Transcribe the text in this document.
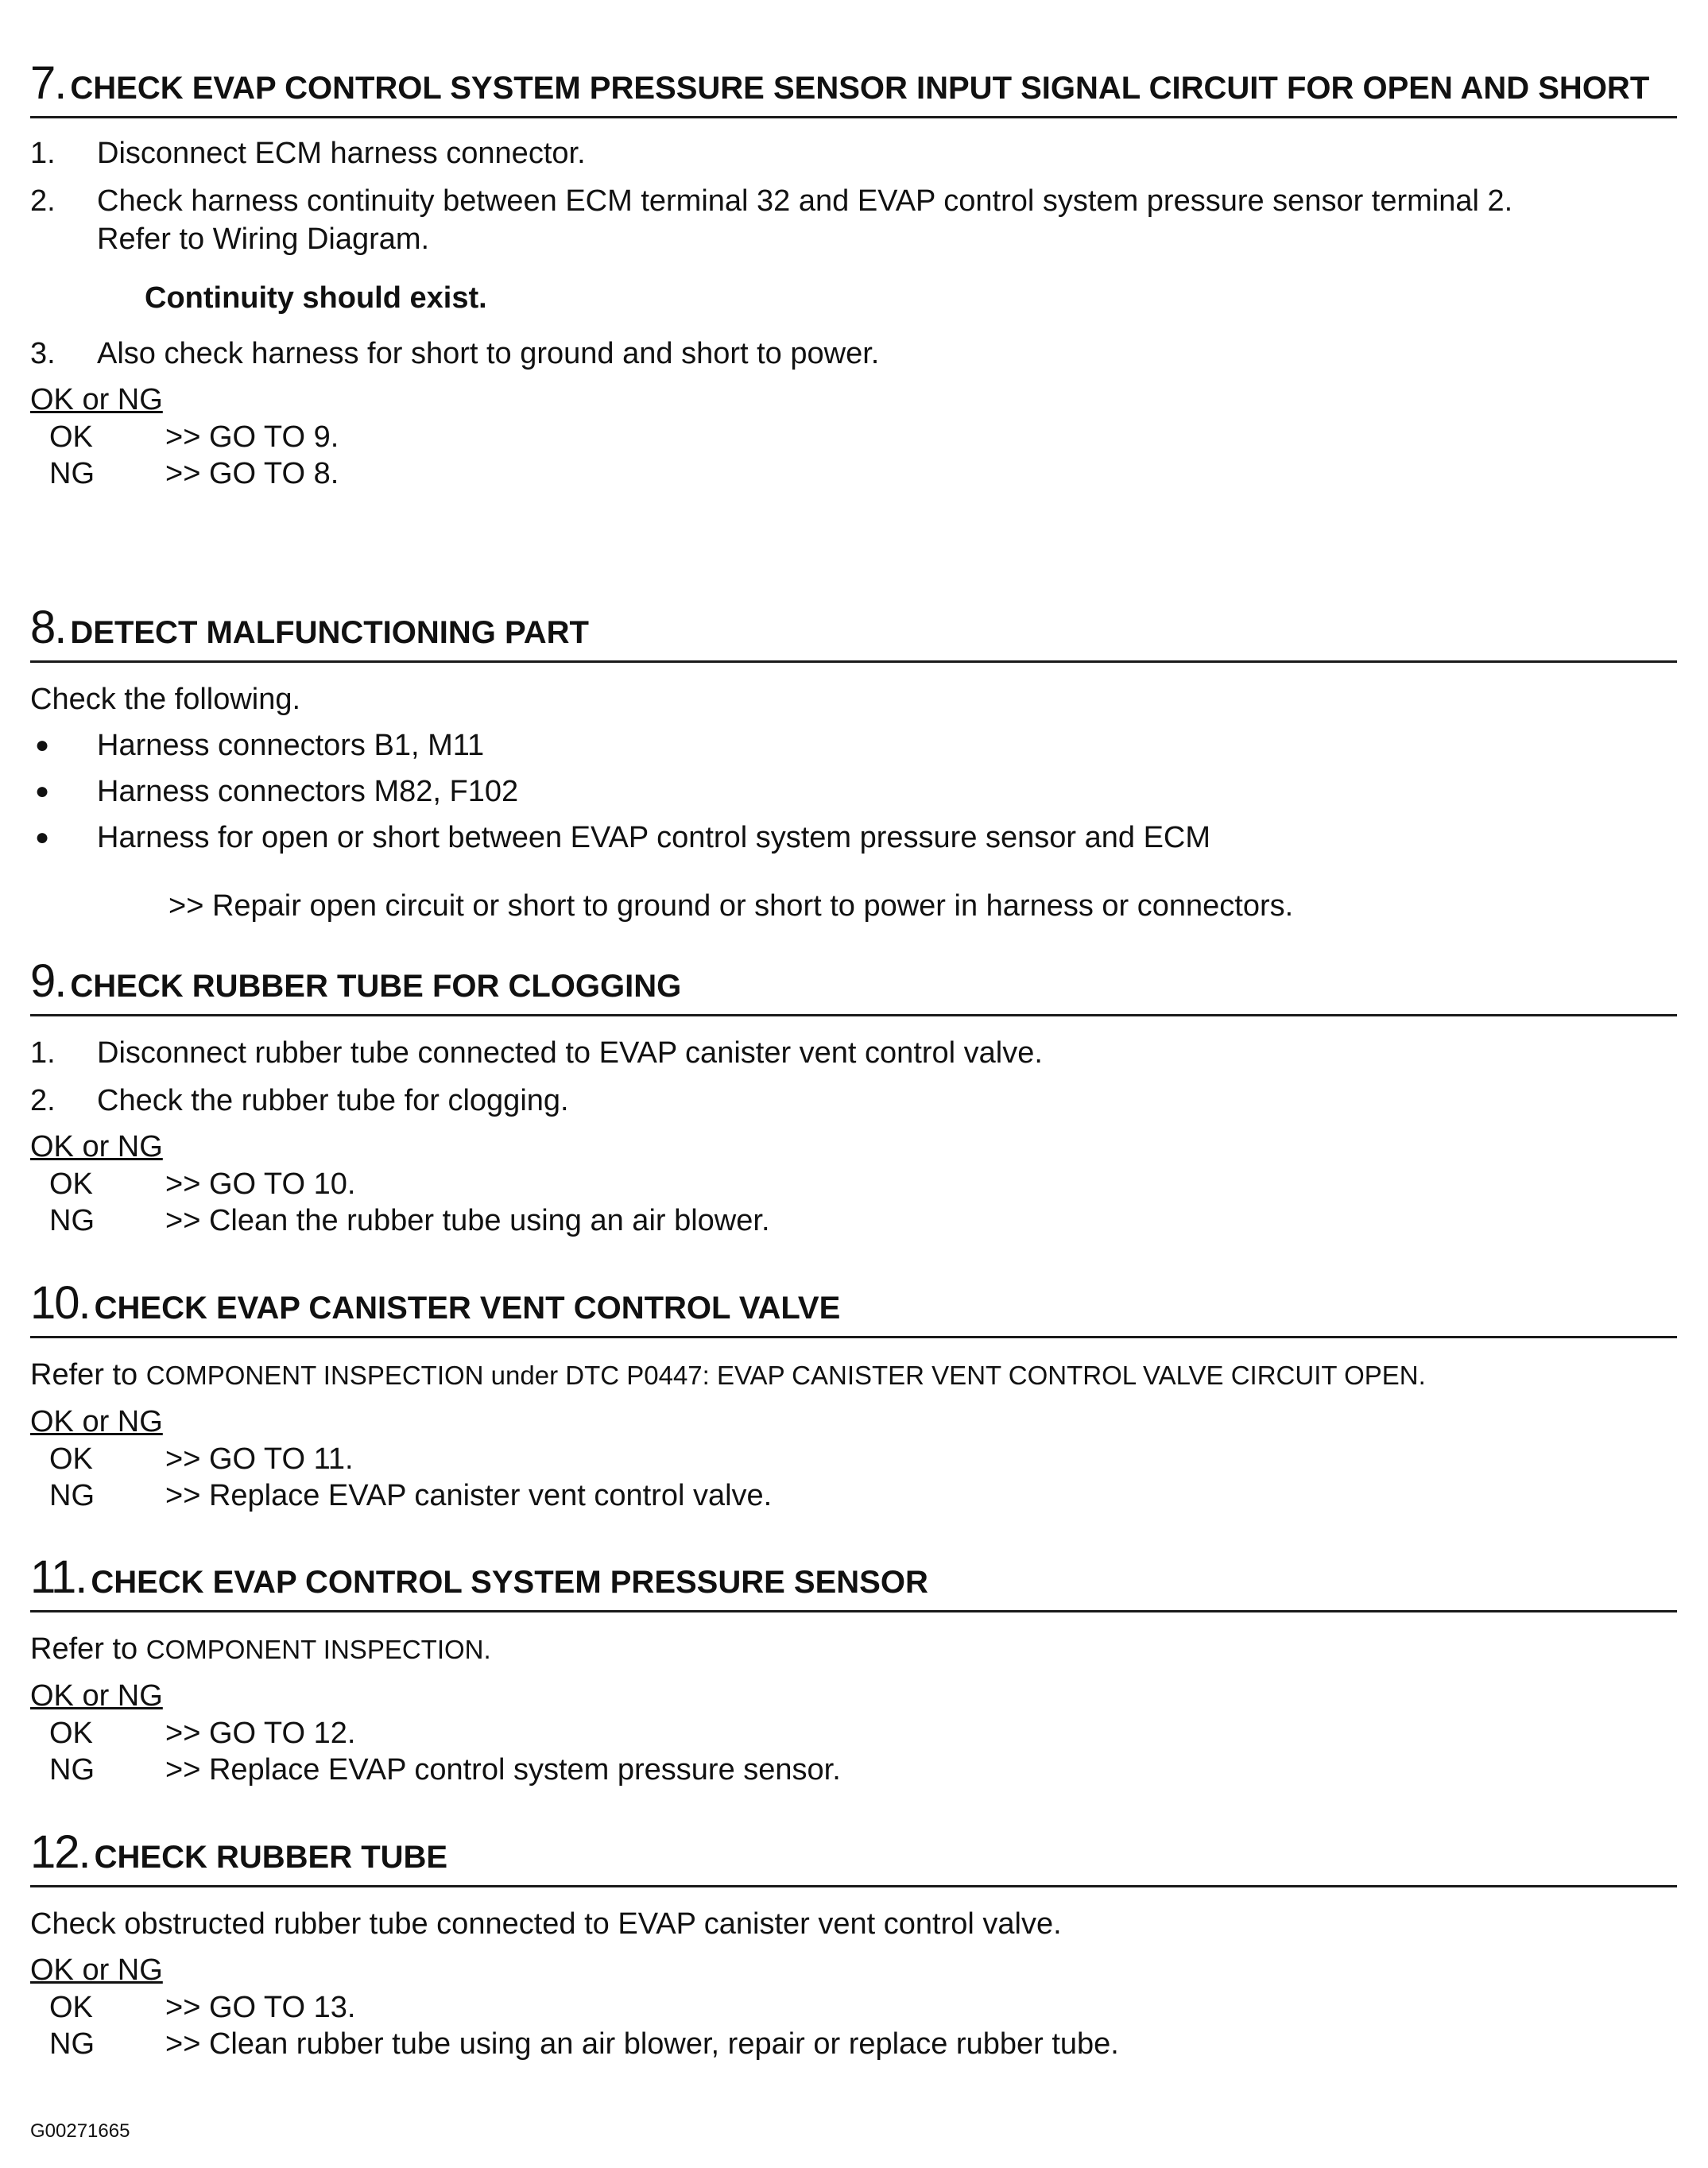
7. CHECK EVAP CONTROL SYSTEM PRESSURE SENSOR INPUT SIGNAL CIRCUIT FOR OPEN AND SHORT
1. Disconnect ECM harness connector.
2. Check harness continuity between ECM terminal 32 and EVAP control system pressure sensor terminal 2.
Refer to Wiring Diagram.
Continuity should exist.
3. Also check harness for short to ground and short to power.
OK or NG
OK >> GO TO 9.
NG >> GO TO 8.
8. DETECT MALFUNCTIONING PART
Check the following.
● Harness connectors B1, M11
● Harness connectors M82, F102
● Harness for open or short between EVAP control system pressure sensor and ECM
>> Repair open circuit or short to ground or short to power in harness or connectors.
9. CHECK RUBBER TUBE FOR CLOGGING
1. Disconnect rubber tube connected to EVAP canister vent control valve.
2. Check the rubber tube for clogging.
OK or NG
OK >> GO TO 10.
NG >> Clean the rubber tube using an air blower.
10. CHECK EVAP CANISTER VENT CONTROL VALVE
Refer to COMPONENT INSPECTION under DTC P0447: EVAP CANISTER VENT CONTROL VALVE CIRCUIT OPEN.
OK or NG
OK >> GO TO 11.
NG >> Replace EVAP canister vent control valve.
11. CHECK EVAP CONTROL SYSTEM PRESSURE SENSOR
Refer to COMPONENT INSPECTION.
OK or NG
OK >> GO TO 12.
NG >> Replace EVAP control system pressure sensor.
12. CHECK RUBBER TUBE
Check obstructed rubber tube connected to EVAP canister vent control valve.
OK or NG
OK >> GO TO 13.
NG >> Clean rubber tube using an air blower, repair or replace rubber tube.
G00271665
